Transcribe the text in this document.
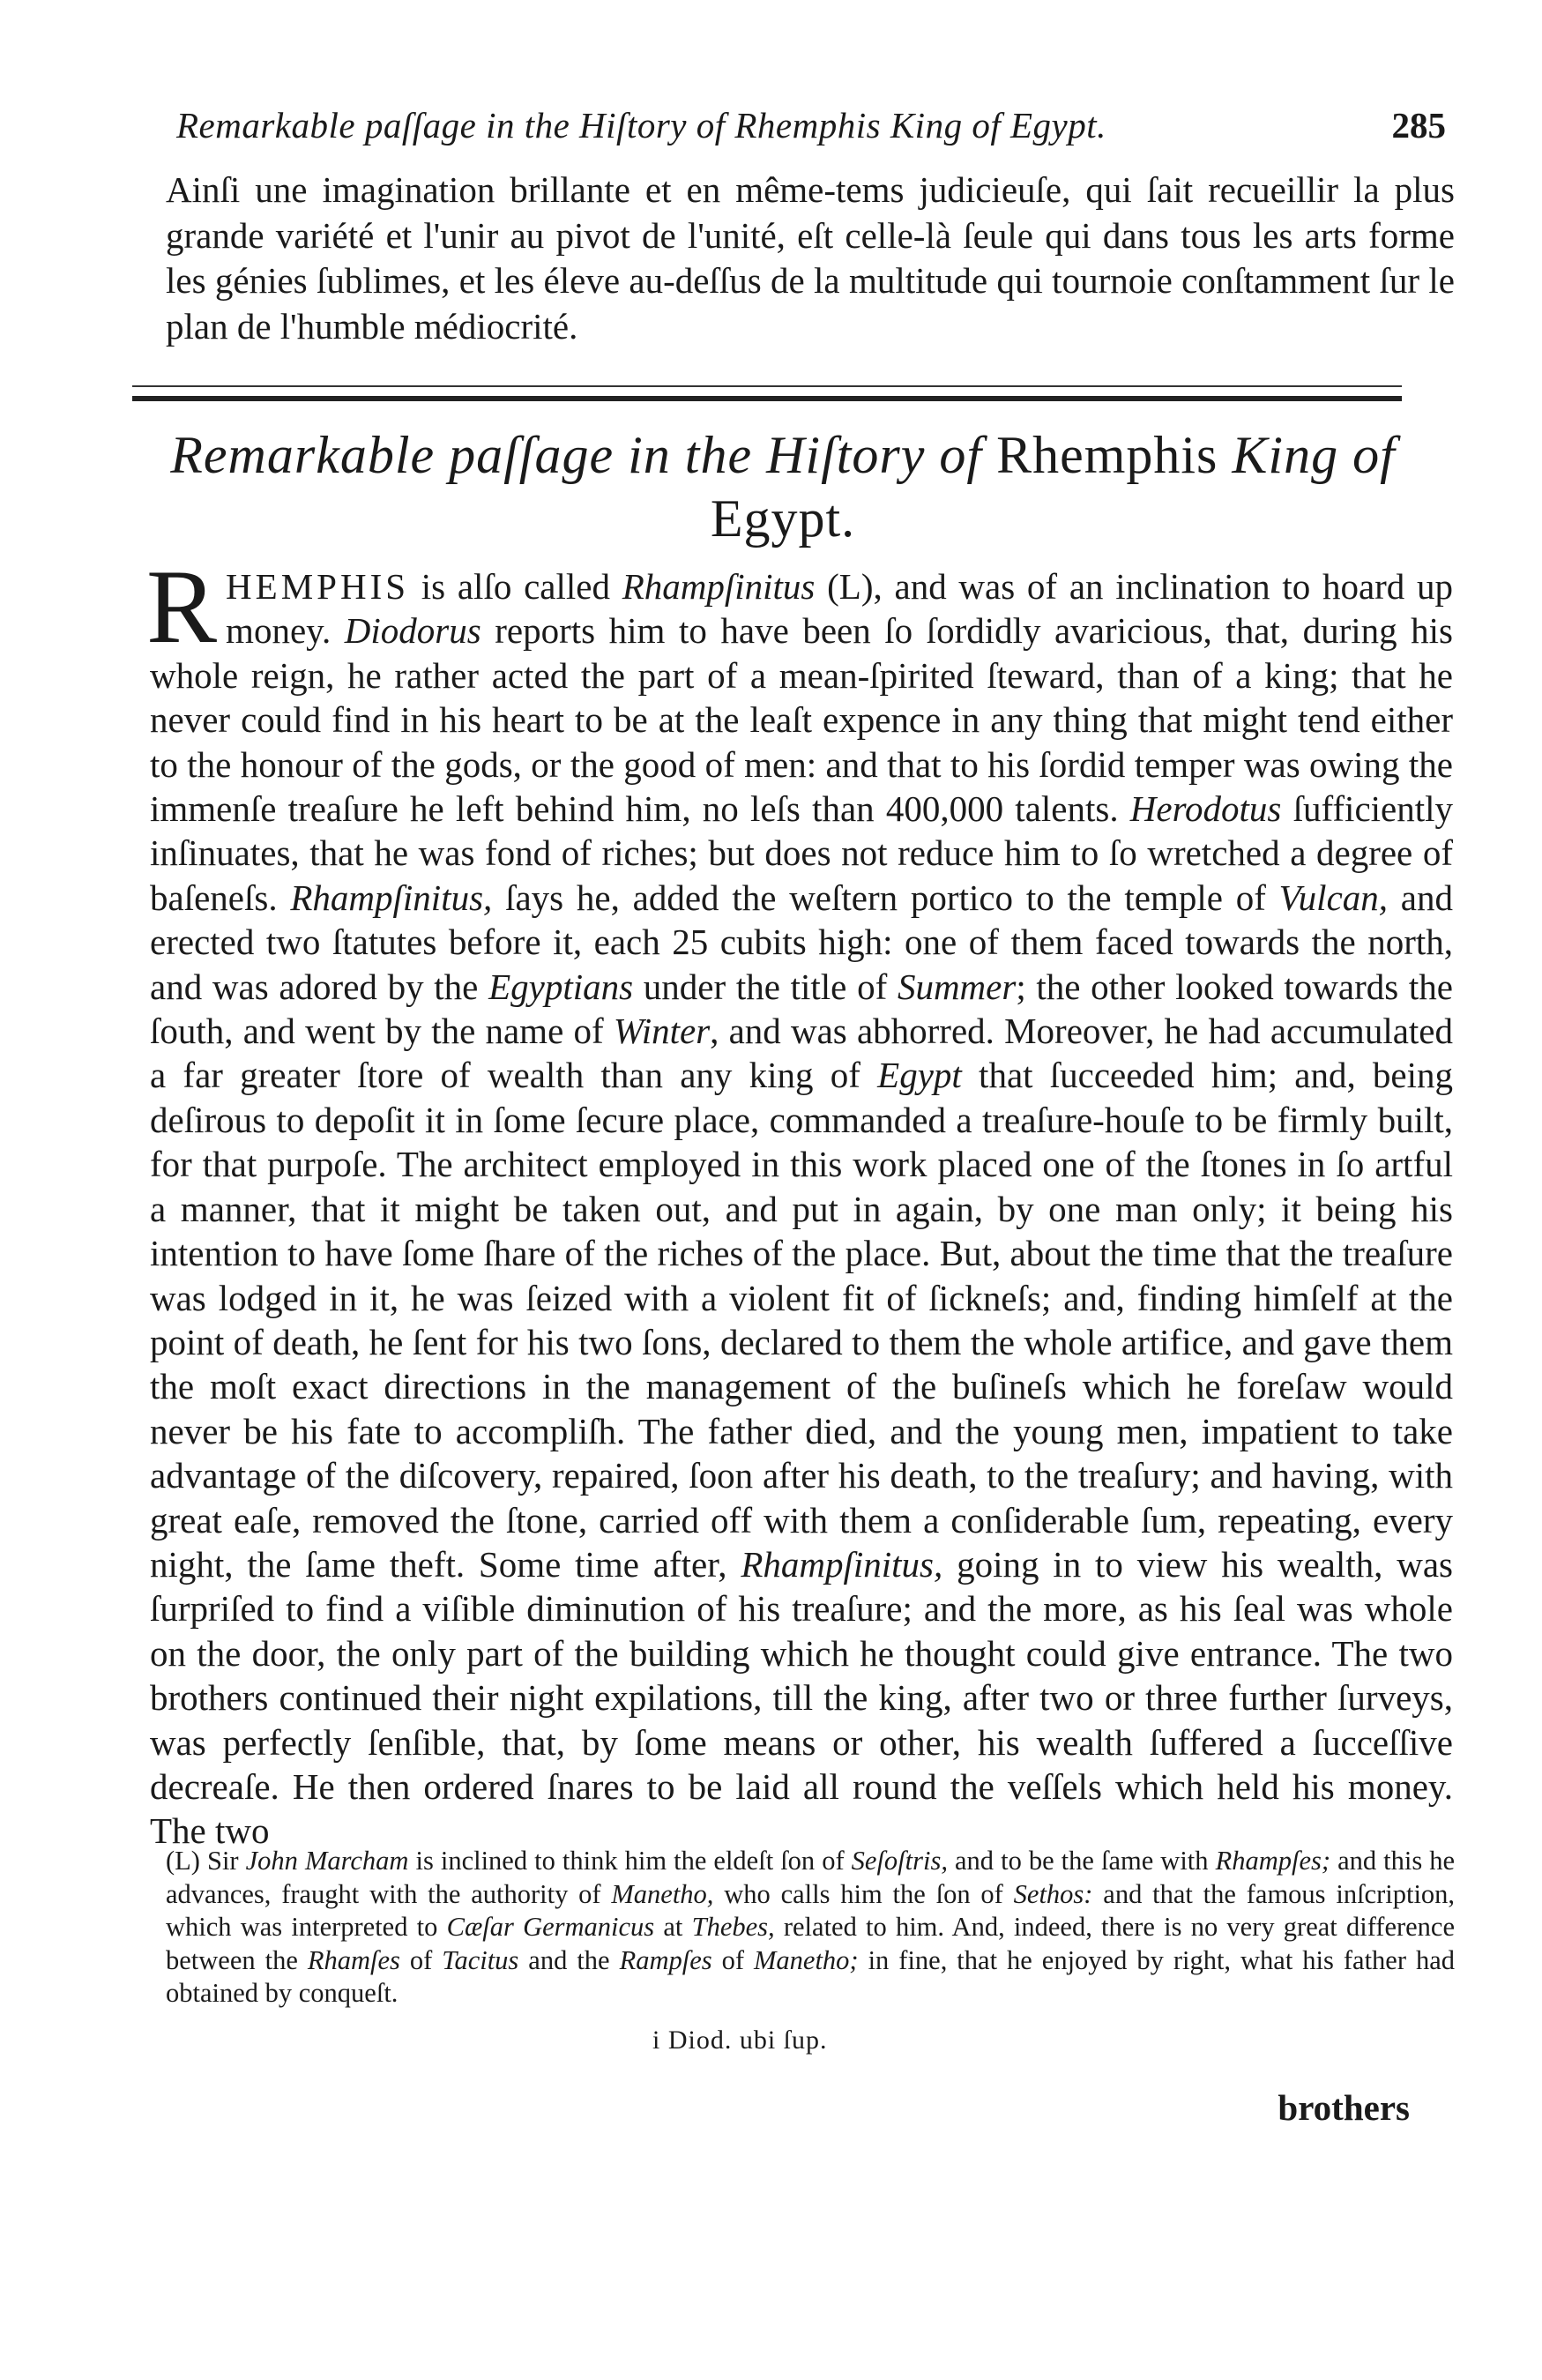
Remarkable paſſage in the Hiſtory of Rhemphis King of Egypt.	285

Ainſi une imagination brillante et en même-tems judicieuſe, qui ſait recueillir la plus grande variété et l'unir au pivot de l'unité, eſt celle-là ſeule qui dans tous les arts forme les génies ſublimes, et les éleve au-deſſus de la multitude qui tournoie conſtamment ſur le plan de l'humble médiocrité.

Remarkable paſſage in the Hiſtory of Rhemphis King of
Egypt.

RHEMPHIS is alſo called Rhampſinitus (L), and was of an inclination to hoard up money. Diodorus reports him to have been ſo ſordidly avaricious, that, during his whole reign, he rather acted the part of a mean-ſpirited ſteward, than of a king; that he never could find in his heart to be at the leaſt expence in any thing that might tend either to the honour of the gods, or the good of men: and that to his ſordid temper was owing the immenſe treaſure he left behind him, no leſs than 400,000 talents. Herodotus ſufficiently inſinuates, that he was fond of riches; but does not reduce him to ſo wretched a degree of baſeneſs. Rhampſinitus, ſays he, added the weſtern portico to the temple of Vulcan, and erected two ſtatutes before it, each 25 cubits high: one of them faced towards the north, and was adored by the Egyptians under the title of Summer; the other looked towards the ſouth, and went by the name of Winter, and was abhorred. Moreover, he had accumulated a far greater ſtore of wealth than any king of Egypt that ſucceeded him; and, being deſirous to depoſit it in ſome ſecure place, commanded a treaſure-houſe to be firmly built, for that purpoſe. The architect employed in this work placed one of the ſtones in ſo artful a manner, that it might be taken out, and put in again, by one man only; it being his intention to have ſome ſhare of the riches of the place. But, about the time that the treaſure was lodged in it, he was ſeized with a violent fit of ſickneſs; and, finding himſelf at the point of death, he ſent for his two ſons, declared to them the whole artifice, and gave them the moſt exact directions in the management of the buſineſs which he foreſaw would never be his fate to accompliſh. The father died, and the young men, impatient to take advantage of the diſcovery, repaired, ſoon after his death, to the treaſury; and having, with great eaſe, removed the ſtone, carried off with them a conſiderable ſum, repeating, every night, the ſame theft. Some time after, Rhampſinitus, going in to view his wealth, was ſurpriſed to find a viſible diminution of his treaſure; and the more, as his ſeal was whole on the door, the only part of the building which he thought could give entrance. The two brothers continued their night expilations, till the king, after two or three further ſurveys, was perfectly ſenſible, that, by ſome means or other, his wealth ſuffered a ſucceſſive decreaſe. He then ordered ſnares to be laid all round the veſſels which held his money. The two

(L) Sir John Marcham is inclined to think him the eldeſt ſon of Seſoſtris, and to be the ſame with Rhampſes; and this he advances, fraught with the authority of Manetho, who calls him the ſon of Sethos: and that the famous inſcription, which was interpreted to Cæſar Germanicus at Thebes, related to him. And, indeed, there is no very great difference between the Rhamſes of Tacitus and the Rampſes of Manetho; in fine, that he enjoyed by right, what his father had obtained by conqueſt.

i Diod. ubi ſup.
brothers
